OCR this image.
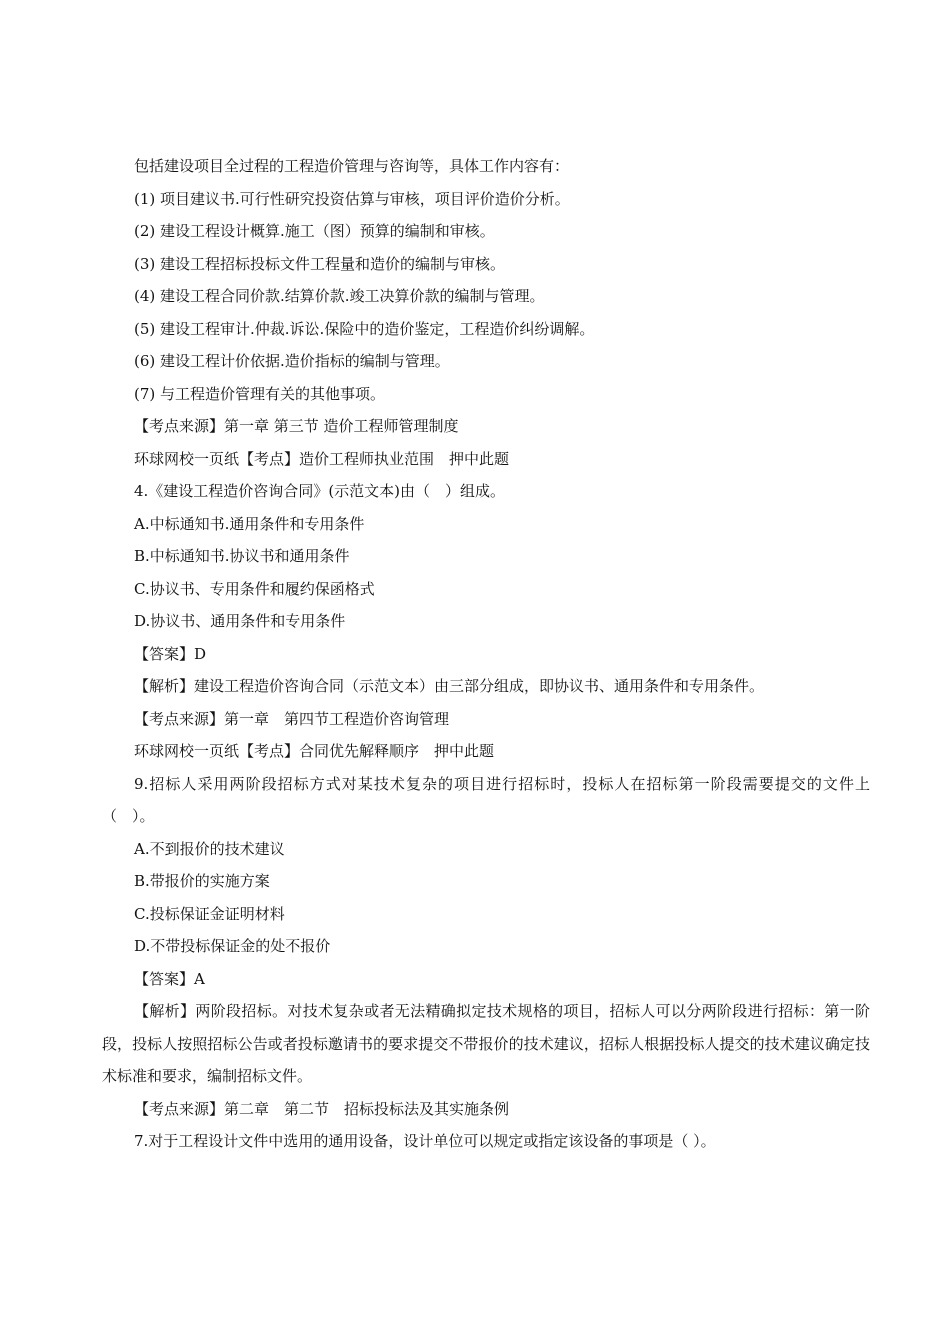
包括建设项目全过程的工程造价管理与咨询等，具体工作内容有：
(1) 项目建议书.可行性研究投资估算与审核，项目评价造价分析。
(2) 建设工程设计概算.施工（图）预算的编制和审核。
(3) 建设工程招标投标文件工程量和造价的编制与审核。
(4) 建设工程合同价款.结算价款.竣工决算价款的编制与管理。
(5) 建设工程审计.仲裁.诉讼.保险中的造价鉴定，工程造价纠纷调解。
(6) 建设工程计价依据.造价指标的编制与管理。
(7) 与工程造价管理有关的其他事项。
【考点来源】第一章 第三节 造价工程师管理制度
环球网校一页纸【考点】造价工程师执业范围　押中此题
4.《建设工程造价咨询合同》(示范文本)由（　）组成。
A.中标通知书.通用条件和专用条件
B.中标通知书.协议书和通用条件
C.协议书、专用条件和履约保函格式
D.协议书、通用条件和专用条件
【答案】D
【解析】建设工程造价咨询合同（示范文本）由三部分组成，即协议书、通用条件和专用条件。
【考点来源】第一章　第四节工程造价咨询管理
环球网校一页纸【考点】合同优先解释顺序　押中此题
9.招标人采用两阶段招标方式对某技术复杂的项目进行招标时，投标人在招标第一阶段需要提交的文件上（　）。
A.不到报价的技术建议
B.带报价的实施方案
C.投标保证金证明材料
D.不带投标保证金的处不报价
【答案】A
【解析】两阶段招标。对技术复杂或者无法精确拟定技术规格的项目，招标人可以分两阶段进行招标：第一阶段，投标人按照招标公告或者投标邀请书的要求提交不带报价的技术建议，招标人根据投标人提交的技术建议确定技术标准和要求，编制招标文件。
【考点来源】第二章　第二节　招标投标法及其实施条例
7.对于工程设计文件中选用的通用设备，设计单位可以规定或指定该设备的事项是（ ）。
